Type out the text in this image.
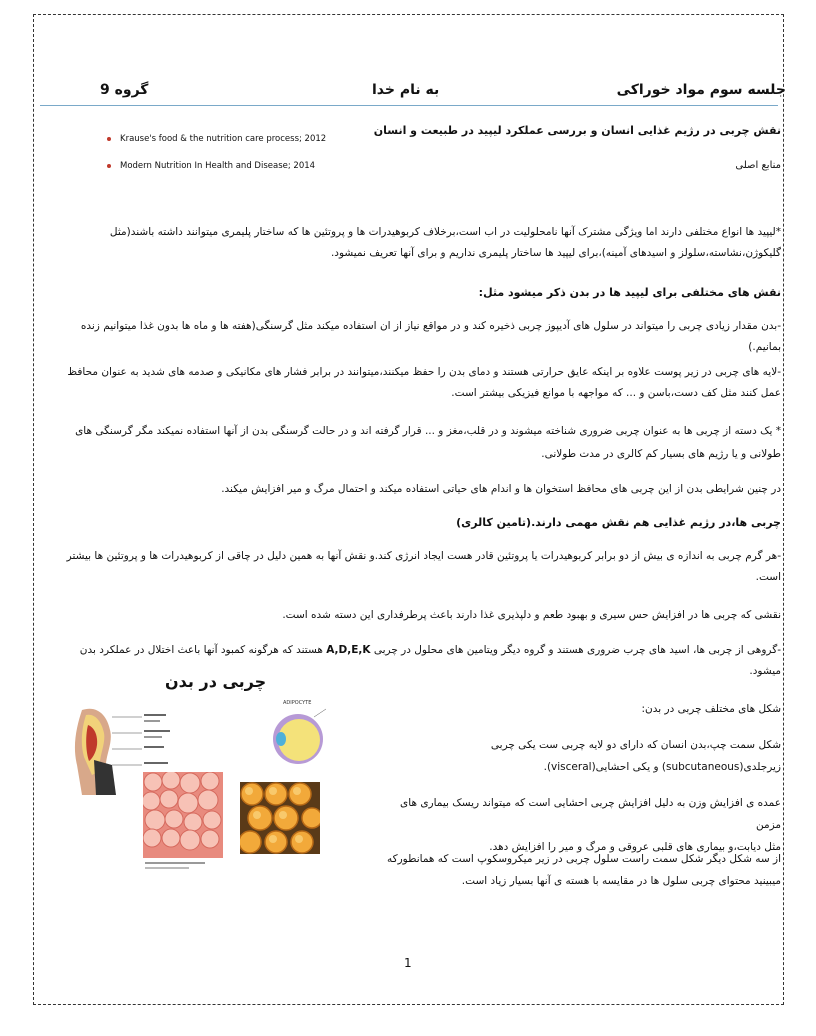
جلسه سوم مواد خوراکی
به نام خدا
گروه 9
نقش چربی در رژیم غذایی انسان و بررسی عملکرد لیپید در طبیعت و انسان
منابع اصلی
Krause's food & the nutrition care process; 2012
Modern Nutrition In Health and Disease; 2014
*لیپید ها انواع مختلفی دارند اما ویژگی مشترک آنها نامحلولیت در اب است،برخلاف کربوهیدرات ها و پروتئین ها که ساختار پلیمری میتوانند داشته باشند(مثل
گلیکوژن،نشاسته،سلولز و اسیدهای آمینه)،برای لیپید ها ساختار پلیمری نداریم و برای آنها تعریف نمیشود.
نقش های مختلفی برای لیپید ها در بدن ذکر میشود مثل:
-بدن مقدار زیادی چربی را میتواند در سلول های آدیپوز چربی ذخیره کند و در مواقع نیاز از ان استفاده میکند مثل گرسنگی(هفته ها و ماه ها بدون غذا میتوانیم زنده
بمانیم.)
-لایه های چربی در زیر پوست علاوه بر اینکه عایق حرارتی هستند و دمای بدن را حفظ میکنند،میتوانند در برابر فشار های مکانیکی و صدمه های شدید به عنوان محافظ
عمل کنند مثل کف دست،باسن و ... که مواجهه با موانع فیزیکی بیشتر است.
* یک دسته از چربی ها به عنوان چربی ضروری شناخته میشوند و در قلب،مغز و ... قرار گرفته اند و در حالت گرسنگی بدن از آنها استفاده نمیکند مگر گرسنگی های
طولانی و یا رژیم های بسیار کم کالری در مدت طولانی.
در چنین شرایطی بدن از این چربی های محافظ استخوان ها و اندام های حیاتی استفاده میکند و احتمال مرگ و میر افزایش میکند.
چربی ها،در رژیم غذایی هم نقش مهمی دارند.(تامین کالری)
-هر گرم چربی به اندازه ی بیش از دو برابر کربوهیدرات یا پروتئین قادر هست ایجاد انرژی کند.و نقش آنها به همین دلیل در چاقی از کربوهیدرات ها و پروتئین ها بیشتر
است.
نقشی که چربی ها در افزایش حس سیری و بهبود طعم و دلپذیری غذا دارند باعث پرطرفداری این دسته شده است.
-گروهی از چربی ها، اسید های چرب ضروری هستند و گروه دیگر ویتامین های محلول در چربی A,D,E,K هستند که هرگونه کمبود آنها باعث اختلال در عملکرد بدن
میشود.
چربی در بدن
ADIPOCYTE	شکل های مختلف چربی در بدن:
شکل سمت چپ،بدن انسان که دارای دو لایه چربی ست یکی چربی
زیرجلدی(subcutaneous) و یکی احشایی(visceral).
عمده ی افزایش وزن به دلیل افزایش چربی احشایی است که میتواند ریسک بیماری های مزمن
مثل دیابت،و بیماری های قلبی عروقی و مرگ و میر را افزایش دهد.
از سه شکل دیگر شکل سمت راست سلول چربی در زیر میکروسکوپ است که همانطورکه
میبینید محتوای چربی سلول ها در مقایسه با هسته ی آنها بسیار زیاد است.
1
